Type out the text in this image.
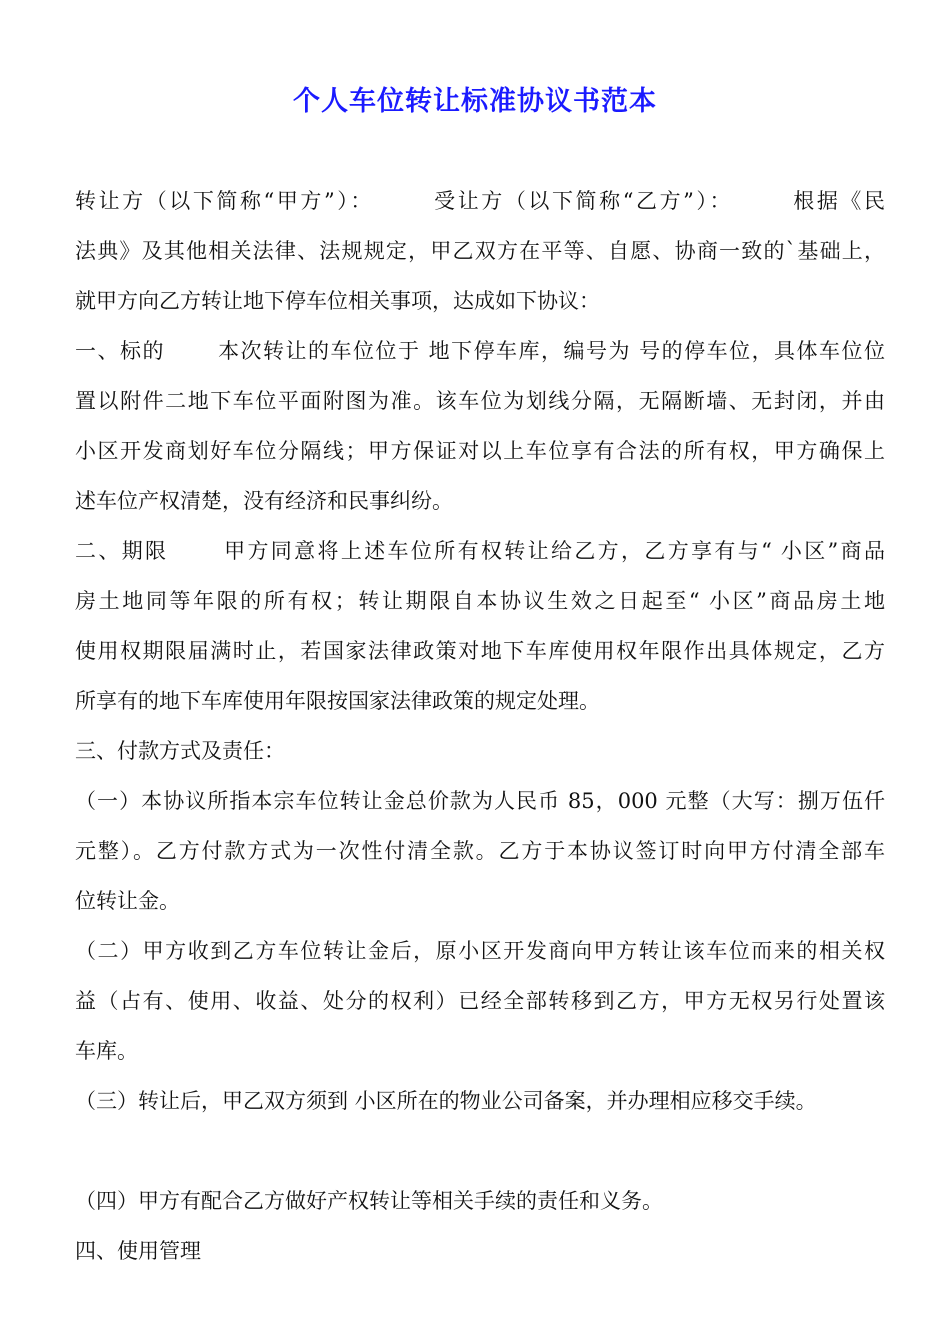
个人车位转让标准协议书范本
转让方（以下简称“甲方”）：　　　受让方（以下简称“乙方”）：　　　根据《民
法典》及其他相关法律、法规规定，甲乙双方在平等、自愿、协商一致的`基础上，
就甲方向乙方转让地下停车位相关事项，达成如下协议：
一、标的　　 本次转让的车位位于 地下停车库，编号为 号的停车位，具体车位位
置以附件二地下车位平面附图为准。该车位为划线分隔，无隔断墙、无封闭，并由
小区开发商划好车位分隔线；甲方保证对以上车位享有合法的所有权，甲方确保上
述车位产权清楚，没有经济和民事纠纷。
二、期限　　 甲方同意将上述车位所有权转让给乙方，乙方享有与“ 小区”商品
房土地同等年限的所有权；转让期限自本协议生效之日起至“ 小区”商品房土地
使用权期限届满时止，若国家法律政策对地下车库使用权年限作出具体规定，乙方
所享有的地下车库使用年限按国家法律政策的规定处理。
三、付款方式及责任：
（一）本协议所指本宗车位转让金总价款为人民币 85，000 元整（大写：捌万伍仟
元整）。乙方付款方式为一次性付清全款。乙方于本协议签订时向甲方付清全部车
位转让金。
（二）甲方收到乙方车位转让金后，原小区开发商向甲方转让该车位而来的相关权
益（占有、使用、收益、处分的权利）已经全部转移到乙方，甲方无权另行处置该
车库。
（三）转让后，甲乙双方须到 小区所在的物业公司备案，并办理相应移交手续。
（四）甲方有配合乙方做好产权转让等相关手续的责任和义务。
四、使用管理
